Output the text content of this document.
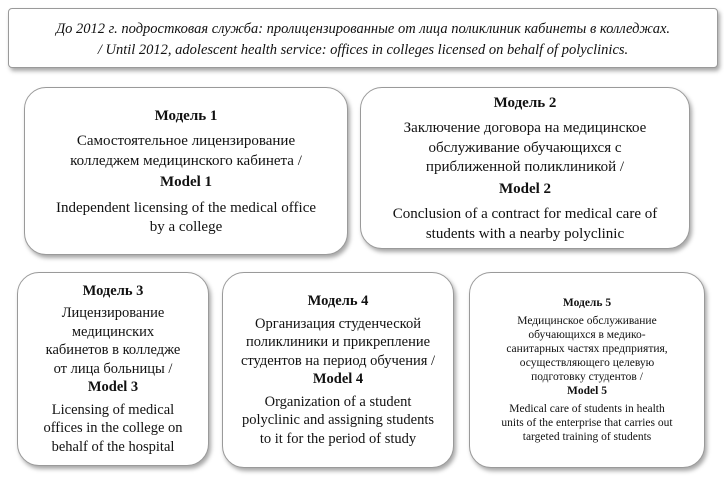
До 2012 г. подростковая служба: пролицензированные от лица поликлиник кабинеты в колледжах.
/ Until 2012, adolescent health service: offices in colleges licensed on behalf of polyclinics.
Модель 1
Самостоятельное лицензирование
колледжем медицинского кабинета /
Model 1
Independent licensing of the medical office
by a college
Модель 2
Заключение договора на медицинское
обслуживание обучающихся с
приближенной поликлиникой /
Model 2
Conclusion of a contract for medical care of
students with a nearby polyclinic
Модель 3
Лицензирование
медицинских
кабинетов в колледже
от лица больницы /
Model 3
Licensing of medical
offices in the college on
behalf of the hospital
Модель 4
Организация студенческой
поликлиники и прикрепление
студентов на период обучения /
Model 4
Organization of a student
polyclinic and assigning students
to it for the period of study
Модель 5
Медицинское обслуживание
обучающихся в медико-
санитарных частях предприятия,
осуществляющего целевую
подготовку студентов /
Model 5
Medical care of students in health
units of the enterprise that carries out
targeted training of students
